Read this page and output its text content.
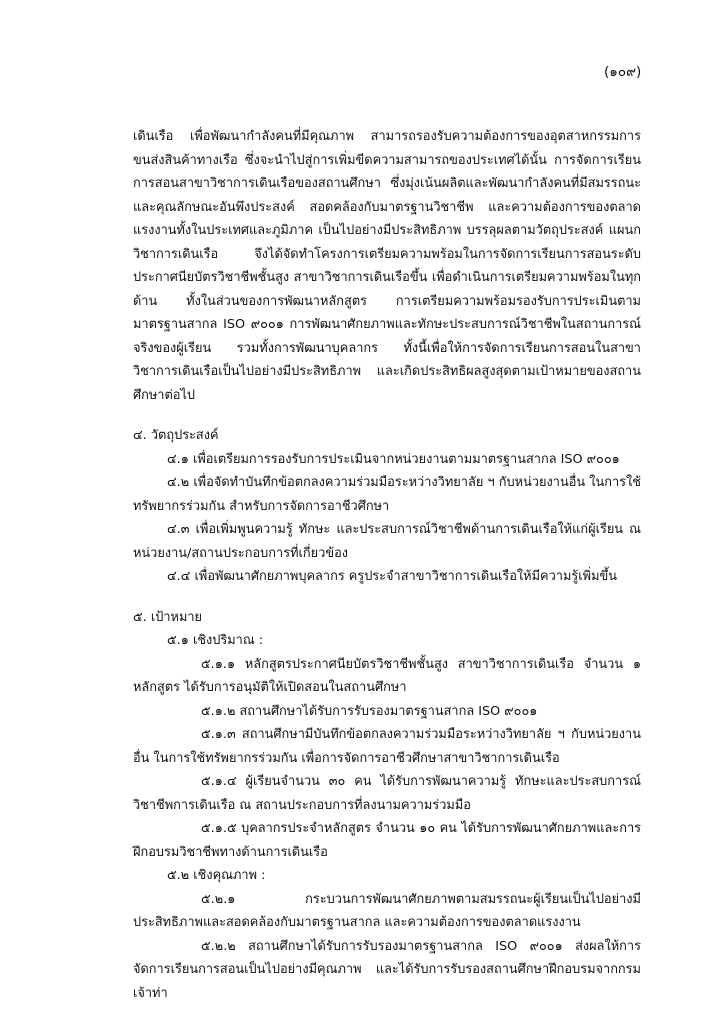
(๑๐๙)

เดินเรือ เพื่อพัฒนากำลังคนที่มีคุณภาพ สามารถรองรับความต้องการของอุตสาหกรรมการขนส่งสินค้าทางเรือ ซึ่งจะนำไปสู่การเพิ่มขีดความสามารถของประเทศได้นั้น การจัดการเรียนการสอนสาขาวิชาการเดินเรือของสถานศึกษา ซึ่งมุ่งเน้นผลิตและพัฒนากำลังคนที่มีสมรรถนะ และคุณลักษณะอันพึงประสงค์ สอดคล้องกับมาตรฐานวิชาชีพ และความต้องการของตลาดแรงงานทั้งในประเทศและภูมิภาค เป็นไปอย่างมีประสิทธิภาพ บรรลุผลตามวัตถุประสงค์ แผนกวิชาการเดินเรือ จึงได้จัดทำโครงการเตรียมความพร้อมในการจัดการเรียนการสอนระดับประกาศนียบัตรวิชาชีพชั้นสูง สาขาวิชาการเดินเรือขึ้น เพื่อดำเนินการเตรียมความพร้อมในทุกด้าน ทั้งในส่วนของการพัฒนาหลักสูตร การเตรียมความพร้อมรองรับการประเมินตามมาตรฐานสากล ISO ๙๐๐๑ การพัฒนาศักยภาพและทักษะประสบการณ์วิชาชีพในสถานการณ์จริงของผู้เรียน รวมทั้งการพัฒนาบุคลากร ทั้งนี้เพื่อให้การจัดการเรียนการสอนในสาขาวิชาการเดินเรือเป็นไปอย่างมีประสิทธิภาพ และเกิดประสิทธิผลสูงสุดตามเป้าหมายของสถานศึกษาต่อไป

๔. วัตถุประสงค์

๔.๑ เพื่อเตรียมการรองรับการประเมินจากหน่วยงานตามมาตรฐานสากล ISO ๙๐๐๑

๔.๒ เพื่อจัดทำบันทึกข้อตกลงความร่วมมือระหว่างวิทยาลัย ฯ กับหน่วยงานอื่น ในการใช้ทรัพยากรร่วมกัน สำหรับการจัดการอาชีวศึกษา

๔.๓ เพื่อเพิ่มพูนความรู้ ทักษะ และประสบการณ์วิชาชีพด้านการเดินเรือให้แก่ผู้เรียน ณ หน่วยงาน/สถานประกอบการที่เกี่ยวข้อง

๔.๔ เพื่อพัฒนาศักยภาพบุคลากร ครูประจำสาขาวิชาการเดินเรือให้มีความรู้เพิ่มขึ้น

๕. เป้าหมาย

๕.๑ เชิงปริมาณ :

๕.๑.๑ หลักสูตรประกาศนียบัตรวิชาชีพชั้นสูง สาขาวิชาการเดินเรือ จำนวน ๑ หลักสูตร ได้รับการอนุมัติให้เปิดสอนในสถานศึกษา

๕.๑.๒ สถานศึกษาได้รับการรับรองมาตรฐานสากล ISO ๙๐๐๑

๕.๑.๓ สถานศึกษามีบันทึกข้อตกลงความร่วมมือระหว่างวิทยาลัย ฯ กับหน่วยงานอื่น ในการใช้ทรัพยากรร่วมกัน เพื่อการจัดการอาชีวศึกษาสาขาวิชาการเดินเรือ

๕.๑.๔ ผู้เรียนจำนวน ๓๐ คน ได้รับการพัฒนาความรู้ ทักษะและประสบการณ์วิชาชีพการเดินเรือ ณ สถานประกอบการที่ลงนามความร่วมมือ

๕.๑.๕ บุคลากรประจำหลักสูตร จำนวน ๑๐ คน ได้รับการพัฒนาศักยภาพและการฝึกอบรมวิชาชีพทางด้านการเดินเรือ

๕.๒ เชิงคุณภาพ :

๕.๒.๑ กระบวนการพัฒนาศักยภาพตามสมรรถนะผู้เรียนเป็นไปอย่างมีประสิทธิภาพและสอดคล้องกับมาตรฐานสากล และความต้องการของตลาดแรงงาน

๕.๒.๒ สถานศึกษาได้รับการรับรองมาตรฐานสากล ISO ๙๐๐๑ ส่งผลให้การจัดการเรียนการสอนเป็นไปอย่างมีคุณภาพ และได้รับการรับรองสถานศึกษาฝึกอบรมจากกรมเจ้าท่า
